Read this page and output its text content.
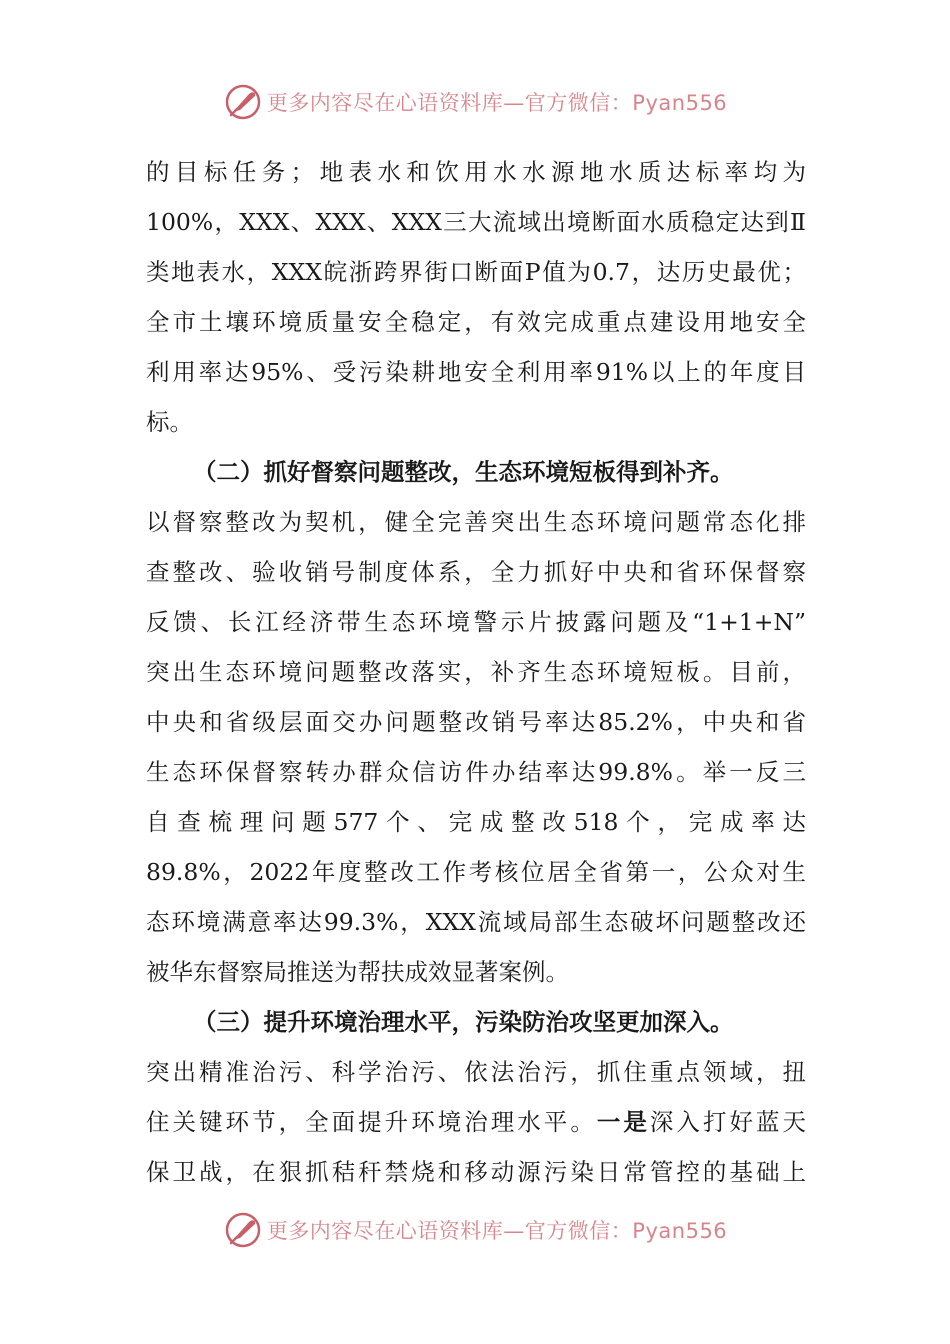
更多内容尽在心语资料库—官方微信：Pyan556
的目标任务；地表水和饮用水水源地水质达标率均为
100%，XXX、XXX、XXX三大流域出境断面水质稳定达到Ⅱ
类地表水，XXX皖浙跨界街口断面P值为0.7，达历史最优；
全市土壤环境质量安全稳定，有效完成重点建设用地安全
利用率达95%、受污染耕地安全利用率91%以上的年度目
标。
（二）抓好督察问题整改，生态环境短板得到补齐。
以督察整改为契机，健全完善突出生态环境问题常态化排
查整改、验收销号制度体系，全力抓好中央和省环保督察
反馈、长江经济带生态环境警示片披露问题及“1+1+N”
突出生态环境问题整改落实，补齐生态环境短板。目前，
中央和省级层面交办问题整改销号率达85.2%，中央和省
生态环保督察转办群众信访件办结率达99.8%。举一反三
自查梳理问题577个、完成整改518个，完成率达
89.8%，2022年度整改工作考核位居全省第一，公众对生
态环境满意率达99.3%，XXX流域局部生态破坏问题整改还
被华东督察局推送为帮扶成效显著案例。
（三）提升环境治理水平，污染防治攻坚更加深入。
突出精准治污、科学治污、依法治污，抓住重点领域，扭
住关键环节，全面提升环境治理水平。一是深入打好蓝天
保卫战，在狠抓秸秆禁烧和移动源污染日常管控的基础上
更多内容尽在心语资料库—官方微信：Pyan556
